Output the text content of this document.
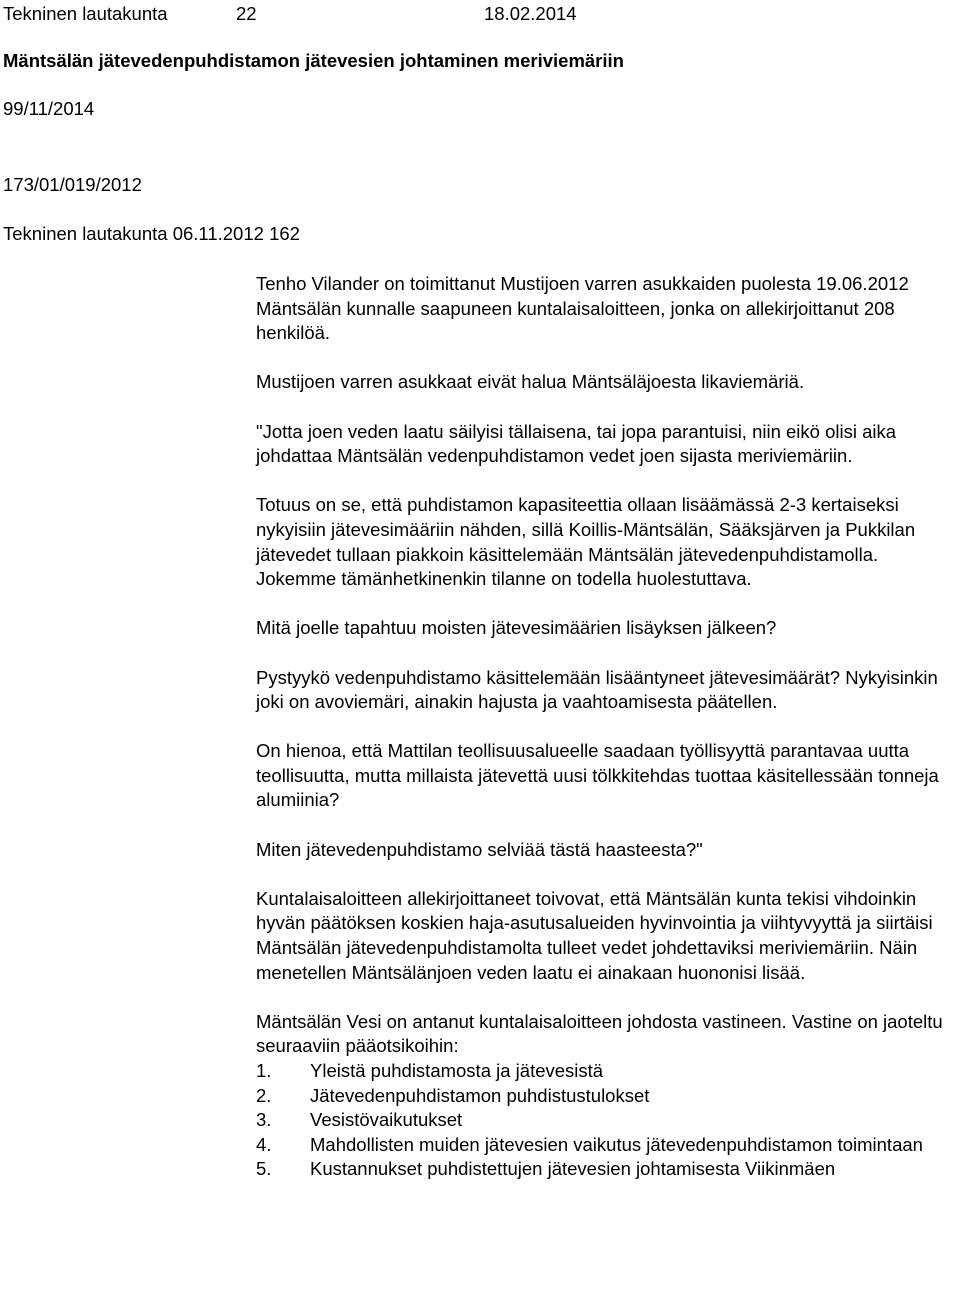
Tekninen lautakunta	22	18.02.2014
Mäntsälän jätevedenpuhdistamon jätevesien johtaminen meriviemäriin
99/11/2014
173/01/019/2012
Tekninen lautakunta 06.11.2012 162

Tenho Vilander on toimittanut Mustijoen varren asukkaiden puolesta 19.06.2012 Mäntsälän kunnalle saapuneen kuntalaisaloitteen, jonka on allekirjoittanut 208 henkilöä.

Mustijoen varren asukkaat eivät halua Mäntsäläjoesta likaviemäriä.

"Jotta joen veden laatu säilyisi tällaisena, tai jopa parantuisi, niin eikö olisi aika johdattaa Mäntsälän vedenpuhdistamon vedet joen sijasta meriviemäriin.

Totuus on se, että puhdistamon kapasiteettia ollaan lisäämässä 2-3 kertaiseksi nykyisiin jätevesimääriin nähden, sillä Koillis-Mäntsälän, Sääksjärven ja Pukkilan jätevedet tullaan piakkoin käsittelemään Mäntsälän jätevedenpuhdistamolla. Jokemme tämänhetkinenkin tilanne on todella huolestuttava.

Mitä joelle tapahtuu moisten jätevesimäärien lisäyksen jälkeen?

Pystyykö vedenpuhdistamo käsittelemään lisääntyneet jätevesimäärät? Nykyisinkin joki on avoviemäri, ainakin hajusta ja vaahtoamisesta päätellen.

On hienoa, että Mattilan teollisuusalueelle saadaan työllisyyttä parantavaa uutta teollisuutta, mutta millaista jätevettä uusi tölkkitehdas tuottaa käsitellessään tonneja alumiinia?

Miten jätevedenpuhdistamo selviää tästä haasteesta?"

Kuntalaisaloitteen allekirjoittaneet toivovat, että Mäntsälän kunta tekisi vihdoinkin hyvän päätöksen koskien haja-asutusalueiden hyvinvointia ja viihtyvyyttä ja siirtäisi Mäntsälän jätevedenpuhdistamolta tulleet vedet johdettaviksi meriviemäriin. Näin menetellen Mäntsälänjoen veden laatu ei ainakaan huononisi lisää.

Mäntsälän Vesi on antanut kuntalaisaloitteen johdosta vastineen. Vastine on jaoteltu seuraaviin pääotsikoihin:

1. Yleistä puhdistamosta ja jätevesistä
2. Jätevedenpuhdistamon puhdistustulokset
3. Vesistövaikutukset
4. Mahdollisten muiden jätevesien vaikutus jätevedenpuhdistamon toimintaan
5. Kustannukset puhdistettujen jätevesien johtamisesta Viikinmäen
